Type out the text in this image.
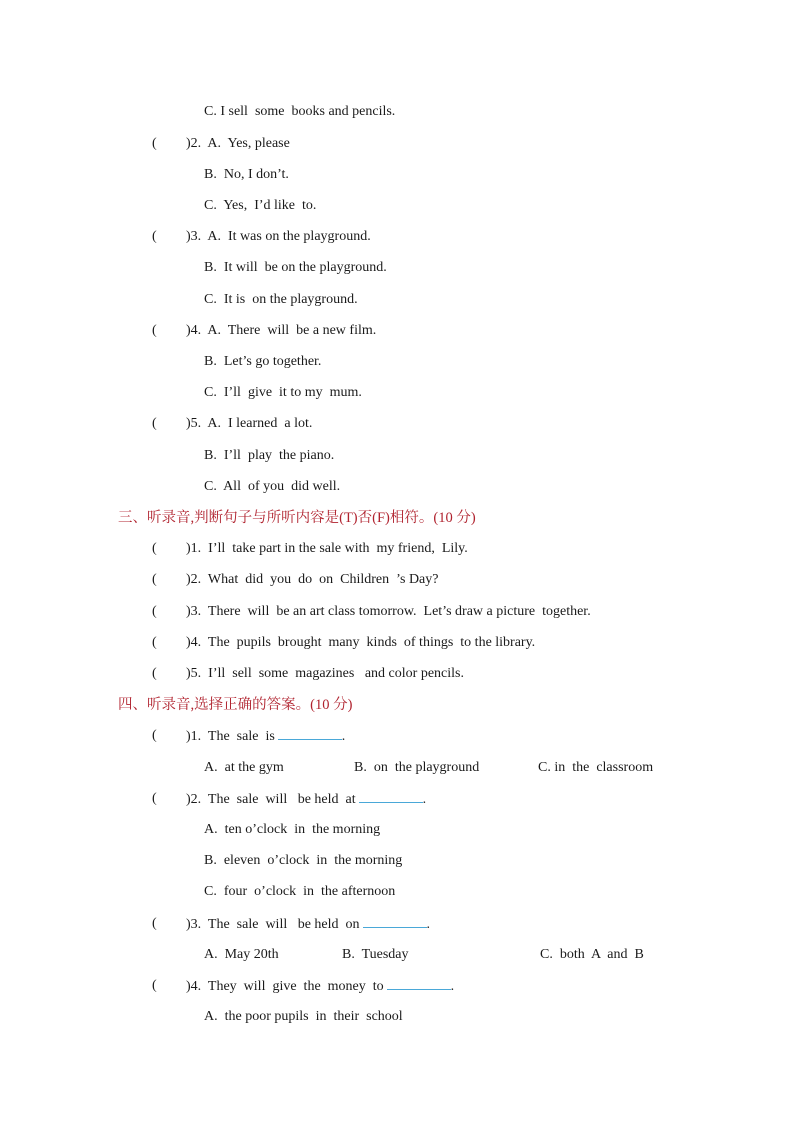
C. I sell  some  books and pencils.
( )2.  A.  Yes, please
B.  No, I don’t.
C.  Yes,  I’d like  to.
( )3.  A.  It was on the playground.
B.  It will  be on the playground.
C.  It is  on the playground.
( )4.  A.  There  will  be a new film.
B.  Let’s go together.
C.  I’ll  give  it to my  mum.
( )5.  A.  I learned  a lot.
B.  I’ll  play  the piano.
C.  All  of you  did well.
三、听录音,判断句子与所听内容是(T)否(F)相符。(10 分)
( )1.  I’ll  take part in the sale with  my friend,  Lily.
( )2.  What  did  you  do  on  Children  ’s Day?
( )3.  There  will  be an art class tomorrow.  Let’s draw a picture  together.
( )4.  The  pupils  brought  many  kinds  of things  to the library.
( )5.  I’ll  sell  some  magazines   and color pencils.
四、听录音,选择正确的答案。(10 分)
( )1.  The  sale  is	.
A.  at the gym	B.  on  the playground	C. in  the  classroom
( )2.  The  sale  will   be held  at	.
A.  ten o’clock  in  the morning
B.  eleven  o’clock  in  the morning
C.  four  o’clock  in  the afternoon
( )3.  The  sale  will   be held  on	.
A.  May 20th	B.  Tuesday	C.  both  A  and  B
( )4.  They  will  give  the  money  to	.
A.  the poor pupils  in  their  school
